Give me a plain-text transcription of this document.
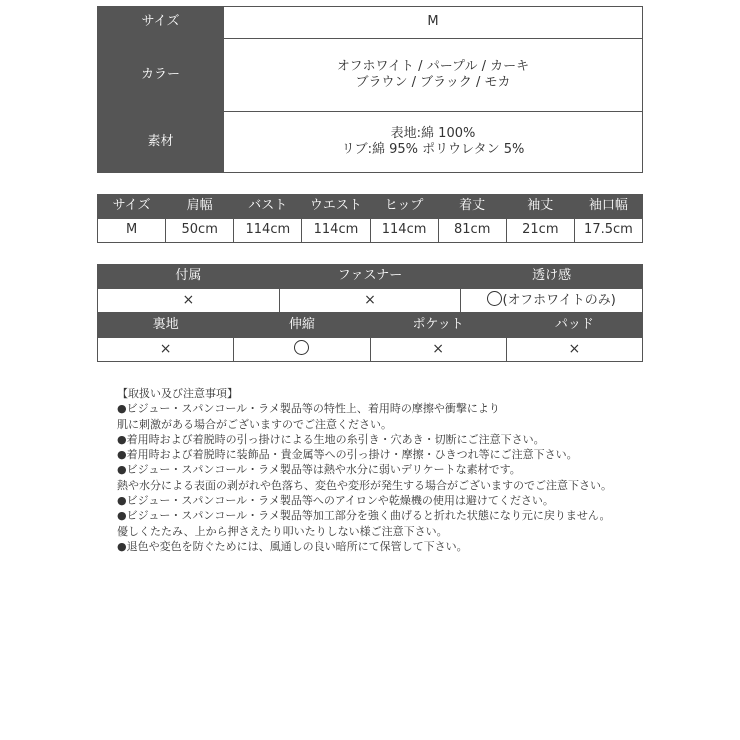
サイズ	M

カラー	オフホワイト / パープル / カーキ
ブラウン / ブラック / モカ

素材	表地:綿 100%
リブ:綿 95% ポリウレタン 5%
サイズ	肩幅	バスト	ウエスト	ヒップ	着丈	袖丈	袖口幅
M	50cm	114cm	114cm	114cm	81cm	21cm	17.5cm
付属	ファスナー	透け感
×	×	(オフホワイトのみ)
裏地	伸縮	ポケット	パッド
×		×	×
【取扱い及び注意事項】
●ビジュー・スパンコール・ラメ製品等の特性上、着用時の摩擦や衝撃により
肌に刺激がある場合がございますのでご注意ください。
●着用時および着脱時の引っ掛けによる生地の糸引き・穴あき・切断にご注意下さい。
●着用時および着脱時に装飾品・貴金属等への引っ掛け・摩擦・ひきつれ等にご注意下さい。
●ビジュー・スパンコール・ラメ製品等は熱や水分に弱いデリケートな素材です。
熱や水分による表面の剥がれや色落ち、変色や変形が発生する場合がございますのでご注意下さい。
●ビジュー・スパンコール・ラメ製品等へのアイロンや乾燥機の使用は避けてください。
●ビジュー・スパンコール・ラメ製品等加工部分を強く曲げると折れた状態になり元に戻りません。
優しくたたみ、上から押さえたり叩いたりしない様ご注意下さい。
●退色や変色を防ぐためには、風通しの良い暗所にて保管して下さい。
